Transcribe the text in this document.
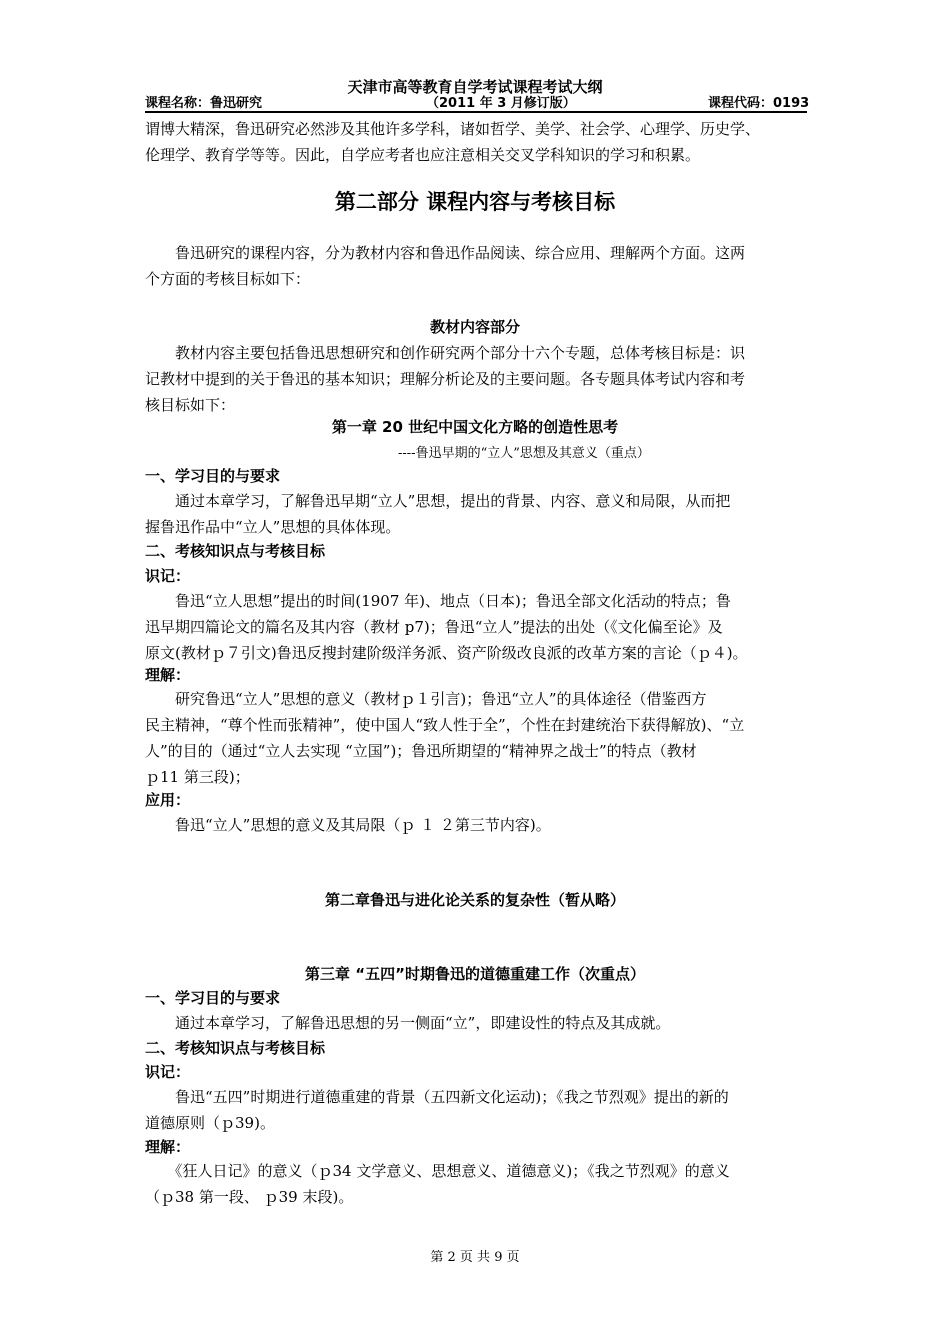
天津市高等教育自学考试课程考试大纲
课程名称：鲁迅研究	（2011 年 3 月修订版）	课程代码：0193
谓博大精深，鲁迅研究必然涉及其他许多学科，诸如哲学、美学、社会学、心理学、历史学、
伦理学、教育学等等。因此，自学应考者也应注意相关交叉学科知识的学习和积累。
第二部分 课程内容与考核目标
　　鲁迅研究的课程内容，分为教材内容和鲁迅作品阅读、综合应用、理解两个方面。这两
个方面的考核目标如下：
教材内容部分
　　教材内容主要包括鲁迅思想研究和创作研究两个部分十六个专题，总体考核目标是：识
记教材中提到的关于鲁迅的基本知识；理解分析论及的主要问题。各专题具体考试内容和考
核目标如下：
第一章 20 世纪中国文化方略的创造性思考
----鲁迅早期的“立人”思想及其意义（重点）
一、学习目的与要求
　　通过本章学习，了解鲁迅早期“立人”思想，提出的背景、内容、意义和局限，从而把
握鲁迅作品中“立人”思想的具体体现。
二、考核知识点与考核目标
识记：
　　鲁迅“立人思想”提出的时间(1907 年)、地点（日本)；鲁迅全部文化活动的特点；鲁
迅早期四篇论文的篇名及其内容（教材 p7)；鲁迅“立人”提法的出处（《文化偏至论》及
原文(教材ｐ７引文)鲁迅反搜封建阶级洋务派、资产阶级改良派的改革方案的言论（ｐ４)。
理解：
　　研究鲁迅“立人”思想的意义（教材ｐ１引言)；鲁迅“立人”的具体途径（借鉴西方
民主精神，“尊个性而张精神”，使中国人“致人性于全”，个性在封建统治下获得解放)、“立
人”的目的（通过“立人去实现 “立国”)；鲁迅所期望的“精神界之战士”的特点（教材
ｐ11 第三段)；
应用：
　　鲁迅“立人”思想的意义及其局限（ｐ １ ２第三节内容)。
第二章鲁迅与进化论关系的复杂性（暂从略）
第三章 “五四”时期鲁迅的道德重建工作（次重点）
一、学习目的与要求
　　通过本章学习，了解鲁迅思想的另一侧面“立”，即建设性的特点及其成就。
二、考核知识点与考核目标
识记：
　　鲁迅“五四”时期进行道德重建的背景（五四新文化运动)；《我之节烈观》提出的新的
道德原则（ｐ39)。
理解：
　　《狂人日记》的意义（ｐ34 文学意义、思想意义、道德意义)；《我之节烈观》的意义
（ｐ38 第一段、 ｐ39 末段)。
第 2 页 共 9 页
